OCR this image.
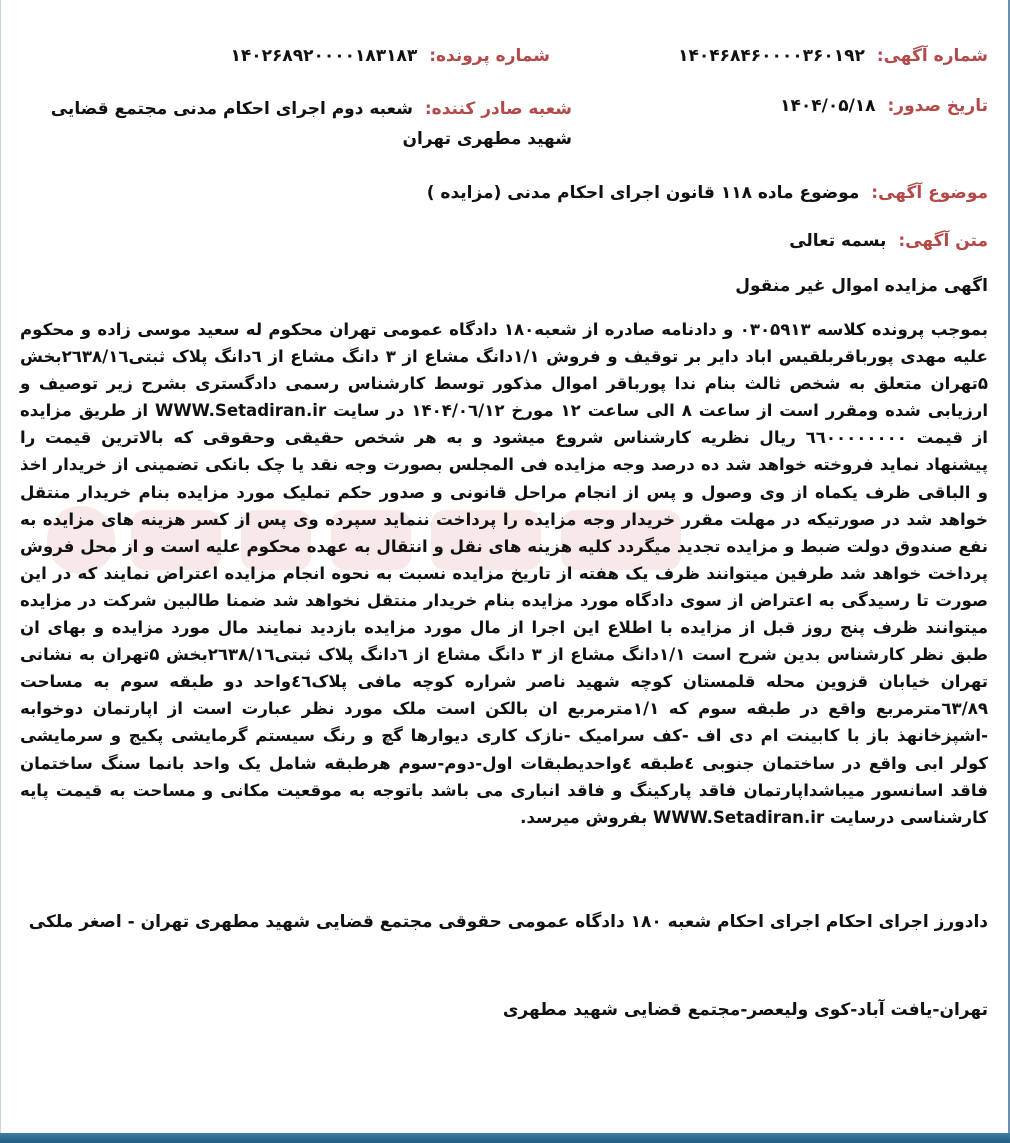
شماره آگهی: ۱۴۰۴۶۸۴۶۰۰۰۰۳۶۰۱۹۲
شماره پرونده: ۱۴۰۲۶۸۹۲۰۰۰۰۱۸۳۱۸۳
تاریخ صدور: ۱۴۰۴/۰۵/۱۸
شعبه صادر کننده: شعبه دوم اجرای احکام مدنی مجتمع قضایی شهید مطهری تهران
موضوع آگهی: موضوع ماده ۱۱۸ قانون اجرای احکام مدنی (مزایده )
متن آگهی: بسمه تعالی
اگهی مزایده اموال غیر منقول
بموجب پرونده کلاسه ۰۳۰۵۹۱۳ و دادنامه صادره از شعبه۱۸۰ دادگاه عمومی تهران محکوم له سعید موسی زاده و محکوم علیه مهدی پورباقربلقیس اباد دایر بر توقیف و فروش ۱/۱دانگ مشاع از ۳ دانگ مشاع از ٦دانگ پلاک ثبتی۲٦۳۸/۱٦بخش ۵تهران متعلق به شخص ثالث بنام ندا پورباقر اموال مذکور توسط کارشناس رسمی دادگستری بشرح زیر توصیف و ارزیابی شده ومقرر است از ساعت ۸ الی ساعت ۱۲ مورخ ۱۴۰۴/۰٦/۱۲ در سایت WWW.Setadiran.ir از طریق مزایده از قیمت ٦٦۰۰۰۰۰۰۰۰ ریال نظریه کارشناس شروع میشود و به هر شخص حقیقی وحقوقی که بالاترین قیمت را پیشنهاد نماید فروخته خواهد شد ده درصد وجه مزایده فی المجلس بصورت وجه نقد یا چک بانکی تضمینی از خریدار اخذ و الباقی ظرف یکماه از وی وصول و پس از انجام مراحل قانونی و صدور حکم تملیک مورد مزایده بنام خریدار منتقل خواهد شد در صورتیکه در مهلت مقرر خریدار وجه مزایده را پرداخت ننماید سپرده وی پس از کسر هزینه های مزایده به نفع صندوق دولت ضبط و مزایده تجدید میگردد کلیه هزینه های نقل و انتقال به عهده محکوم علیه است و از محل فروش پرداخت خواهد شد طرفین میتوانند ظرف یک هفته از تاریخ مزایده نسبت به نحوه انجام مزایده اعتراض نمایند که در این صورت تا رسیدگی به اعتراض از سوی دادگاه مورد مزایده بنام خریدار منتقل نخواهد شد ضمنا طالبین شرکت در مزایده میتوانند ظرف پنج روز قبل از مزایده با اطلاع این اجرا از مال مورد مزایده بازدید نمایند مال مورد مزایده و بهای ان طبق نظر کارشناس بدین شرح است ۱/۱دانگ مشاع از ۳ دانگ مشاع از ٦دانگ پلاک ثبتی۲٦۳۸/۱٦بخش ۵تهران به نشانی تهران خیابان قزوین محله قلمستان کوچه شهید ناصر شراره کوچه مافی پلاک٤٦واحد دو طبقه سوم به مساحت ٦۳/۸۹مترمربع واقع در طبقه سوم که ۱/۱مترمربع ان بالکن است ملک مورد نظر عبارت است از اپارتمان دوخوابه -اشپزخانهذ باز با کابینت ام دی اف -کف سرامیک -نازک کاری دیوارها گچ و رنگ سیستم گرمایشی پکیج و سرمایشی کولر ابی واقع در ساختمان جنوبی ٤طبقه ٤واحدیطبقات اول-دوم-سوم هرطبقه شامل یک واحد بانما سنگ ساختمان فاقد اسانسور میباشداپارتمان فاقد پارکینگ و فاقد انباری می باشد باتوجه به موقعیت مکانی و مساحت به قیمت پایه کارشناسی درسایت WWW.Setadiran.ir بفروش میرسد.
دادورز اجرای احکام اجرای احکام شعبه ۱۸۰ دادگاه عمومی حقوقی مجتمع قضایی شهید مطهری تهران - اصغر ملکی
تهران-یافت آباد-کوی ولیعصر-مجتمع قضایی شهید مطهری
